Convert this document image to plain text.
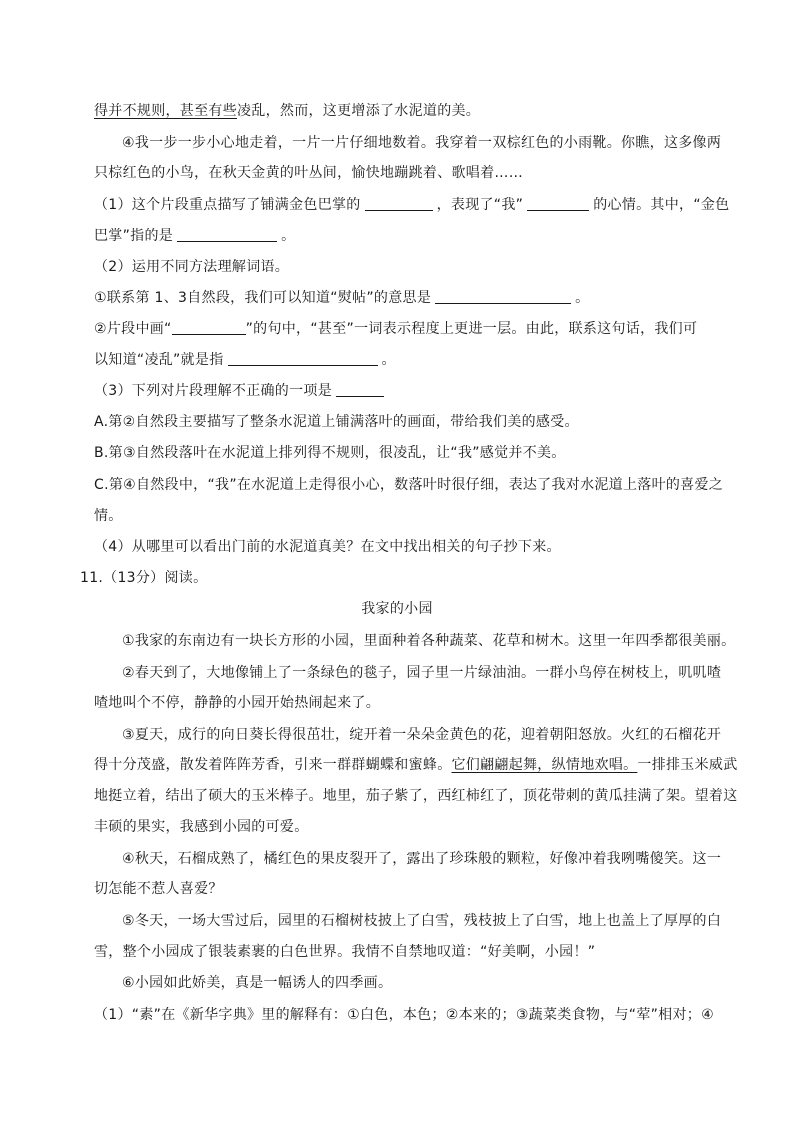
得并不规则，甚至有些凌乱，然而，这更增添了水泥道的美。
④我一步一步小心地走着，一片一片仔细地数着。我穿着一双棕红色的小雨靴。你瞧，这多像两
只棕红色的小鸟，在秋天金黄的叶丛间，愉快地蹦跳着、歌唱着……
（1）这个片段重点描写了铺满金色巴掌的	，表现了“我”	的心情。其中，“金色
巴掌”指的是	。
（2）运用不同方法理解词语。
①联系第 1、3自然段，我们可以知道“熨帖”的意思是	。
②片段中画“	”的句中，“甚至”一词表示程度上更进一层。由此，联系这句话，我们可
以知道“凌乱”就是指	。
（3）下列对片段理解不正确的一项是
A.第②自然段主要描写了整条水泥道上铺满落叶的画面，带给我们美的感受。
B.第③自然段落叶在水泥道上排列得不规则，很凌乱，让“我”感觉并不美。
C.第④自然段中，“我”在水泥道上走得很小心，数落叶时很仔细，表达了我对水泥道上落叶的喜爱之
情。
（4）从哪里可以看出门前的水泥道真美？在文中找出相关的句子抄下来。
11.（13分）阅读。
我家的小园
①我家的东南边有一块长方形的小园，里面种着各种蔬菜、花草和树木。这里一年四季都很美丽。
②春天到了，大地像铺上了一条绿色的毯子，园子里一片绿油油。一群小鸟停在树枝上，叽叽喳
喳地叫个不停，静静的小园开始热闹起来了。
③夏天，成行的向日葵长得很茁壮，绽开着一朵朵金黄色的花，迎着朝阳怒放。火红的石榴花开
得十分茂盛，散发着阵阵芳香，引来一群群蝴蝶和蜜蜂。它们翩翩起舞，纵情地欢唱。一排排玉米威武
地挺立着，结出了硕大的玉米棒子。地里，茄子紫了，西红柿红了，顶花带刺的黄瓜挂满了架。望着这
丰硕的果实，我感到小园的可爱。
④秋天，石榴成熟了，橘红色的果皮裂开了，露出了珍珠般的颗粒，好像冲着我咧嘴傻笑。这一
切怎能不惹人喜爱？
⑤冬天，一场大雪过后，园里的石榴树枝披上了白雪，残枝披上了白雪，地上也盖上了厚厚的白
雪，整个小园成了银装素裹的白色世界。我情不自禁地叹道：“好美啊，小园！”
⑥小园如此娇美，真是一幅诱人的四季画。
（1）“素”在《新华字典》里的解释有：①白色，本色；②本来的；③蔬菜类食物，与“荤”相对；④
